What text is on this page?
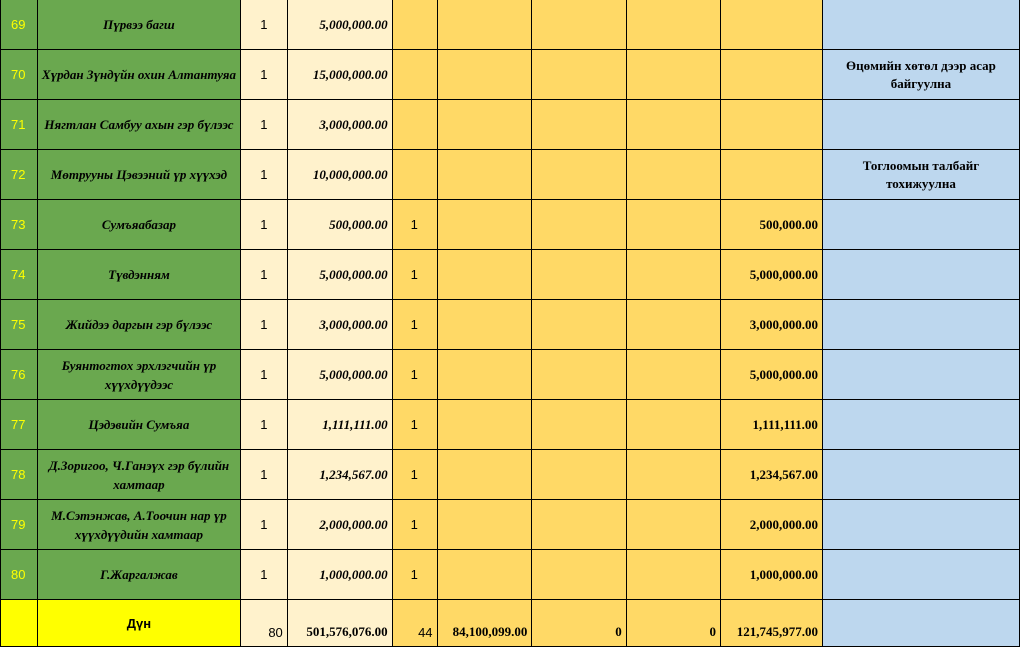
69	Пүрвээ багш	1	5,000,000.00						
70	Хүрдан Зүндүйн охин Алтантуяа	1	15,000,000.00						Өцөмийн хөтөл дээр асар байгуулна
71	Нягтлан Самбуу ахын гэр бүлээс	1	3,000,000.00						
72	Мөтрууны Цэвээний үр хүүхэд	1	10,000,000.00						Тоглоомын талбайг тохижуулна
73	Сумъяабазар	1	500,000.00	1				500,000.00	
74	Түвдэнням	1	5,000,000.00	1				5,000,000.00	
75	Жийдээ даргын гэр бүлээс	1	3,000,000.00	1				3,000,000.00	
76	Буянтогтох эрхлэгчийн үр хүүхдүүдээс	1	5,000,000.00	1				5,000,000.00	
77	Цэдэвийн Сумъяа	1	1,111,111.00	1				1,111,111.00	
78	Д.Зоригоо, Ч.Ганэүх гэр бүлийн хамтаар	1	1,234,567.00	1				1,234,567.00	
79	М.Сэтэнжав, А.Тоочин нар үр хүүхдүүдийн хамтаар	1	2,000,000.00	1				2,000,000.00	
80	Г.Жаргалжав	1	1,000,000.00	1				1,000,000.00	
	Дүн	80	501,576,076.00	44	84,100,099.00	0	0	121,745,977.00	
